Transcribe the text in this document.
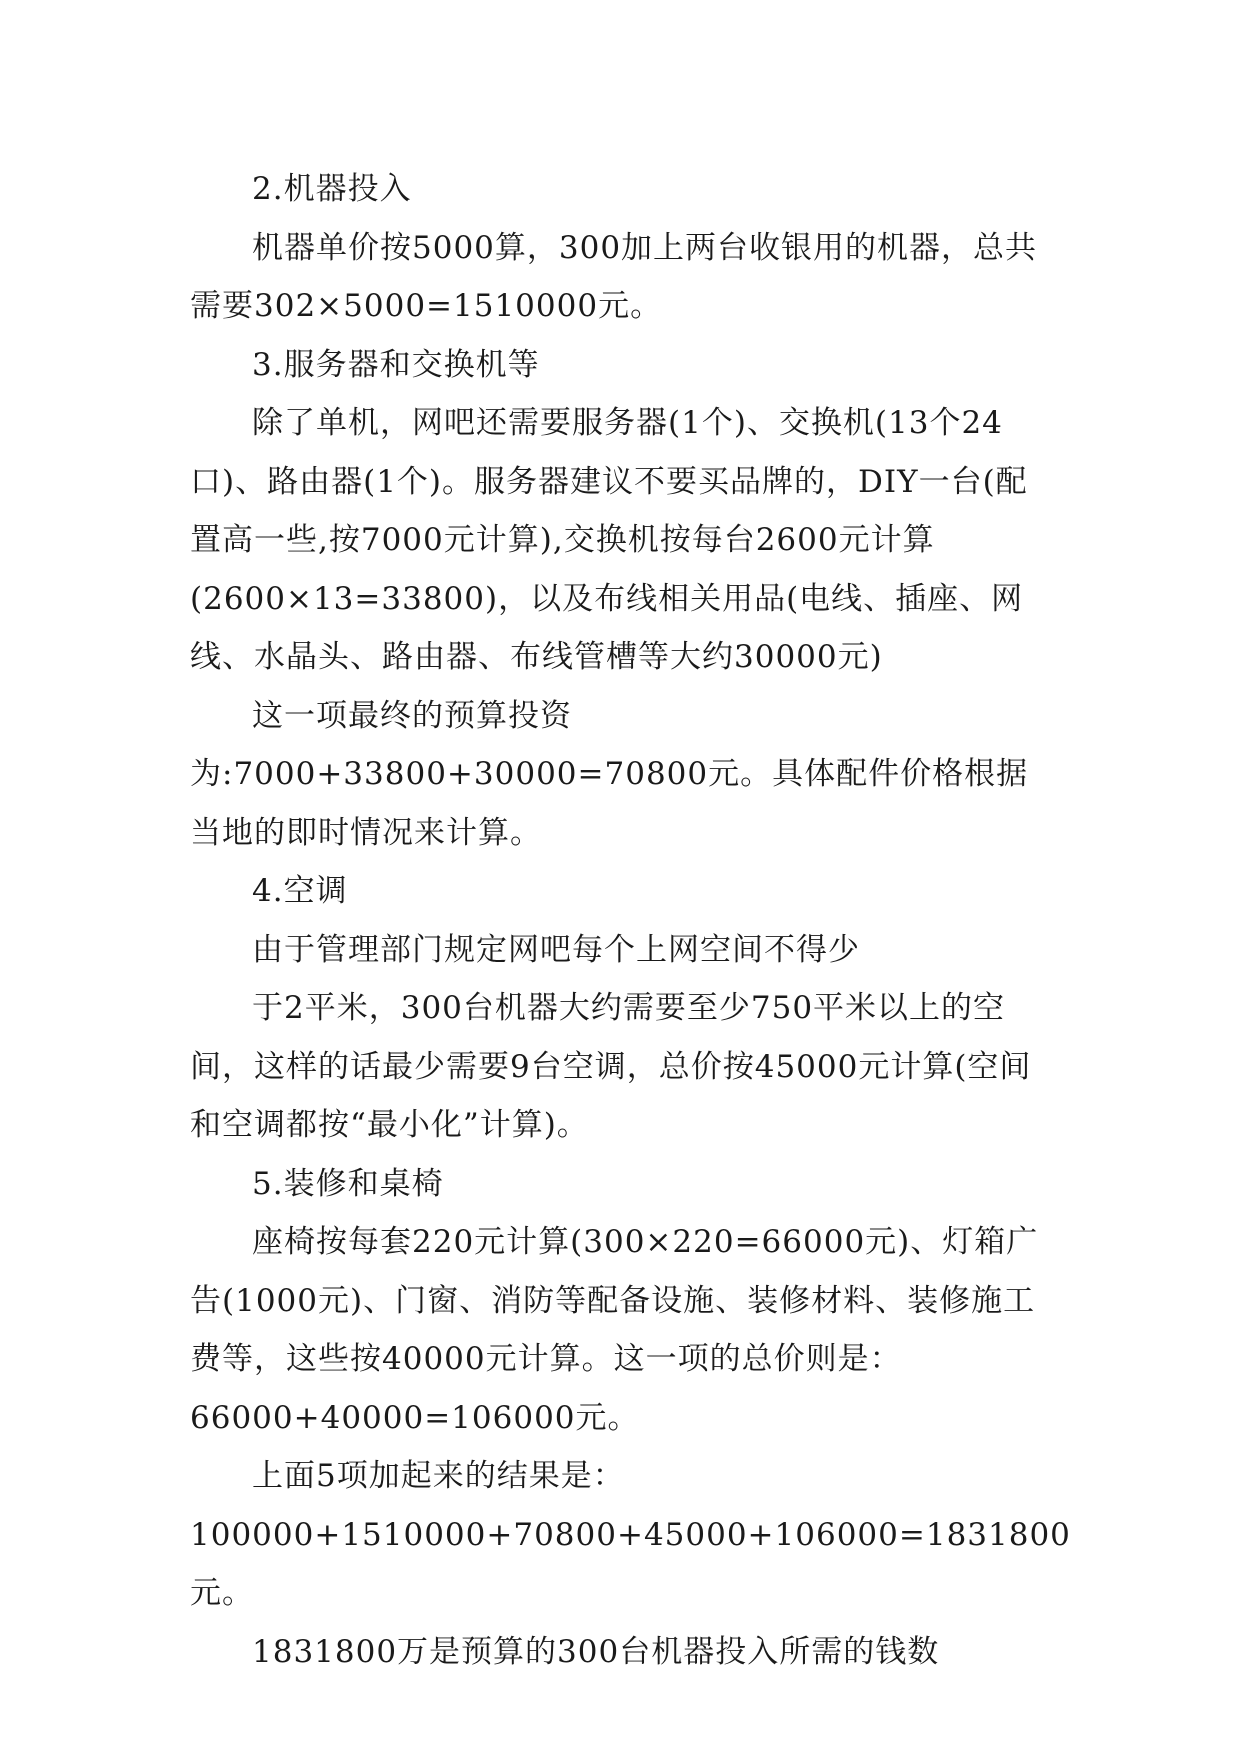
2.机器投入

机器单价按5000算，300加上两台收银用的机器，总共需要302×5000=1510000元。

3.服务器和交换机等

除了单机，网吧还需要服务器(1个)、交换机(13个24口)、路由器(1个)。服务器建议不要买品牌的，DIY一台(配置高一些,按7000元计算),交换机按每台2600元计算(2600×13=33800)，以及布线相关用品(电线、插座、网线、水晶头、路由器、布线管槽等大约30000元)

这一项最终的预算投资为:7000+33800+30000=70800元。具体配件价格根据当地的即时情况来计算。

4.空调

由于管理部门规定网吧每个上网空间不得少

于2平米，300台机器大约需要至少750平米以上的空间，这样的话最少需要9台空调，总价按45000元计算(空间和空调都按“最小化”计算)。

5.装修和桌椅

座椅按每套220元计算(300×220=66000元)、灯箱广告(1000元)、门窗、消防等配备设施、装修材料、装修施工费等，这些按40000元计算。这一项的总价则是：66000+40000=106000元。

上面5项加起来的结果是：100000+1510000+70800+45000+106000=1831800元。

1831800万是预算的300台机器投入所需的钱数
